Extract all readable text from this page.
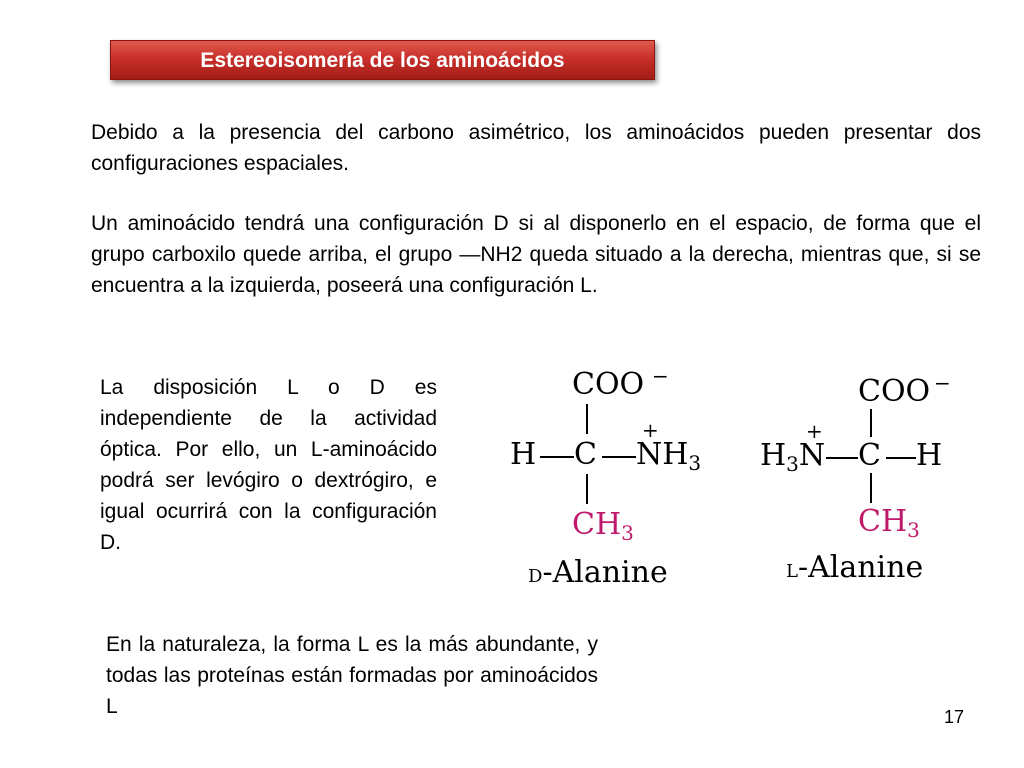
Estereoisomería de los aminoácidos

Debido a la presencia del carbono asimétrico, los aminoácidos pueden presentar dos configuraciones espaciales.

Un aminoácido tendrá una configuración D si al disponerlo en el espacio, de forma que el grupo carboxilo quede arriba, el grupo —NH2 queda situado a la derecha, mientras que, si se encuentra a la izquierda, poseerá una configuración L.

La disposición L o D es independiente de la actividad óptica. Por ello, un L-aminoácido podrá ser levógiro o dextrógiro, e igual ocurrirá con la configuración D.

En la naturaleza, la forma L es la más abundante, y todas las proteínas están formadas por aminoácidos L

COO −
H C $NH_3$
+
$CH_3$
D-Alanine
COO −
+
$H_3N$ C H
$CH_3$
L-Alanine
17
